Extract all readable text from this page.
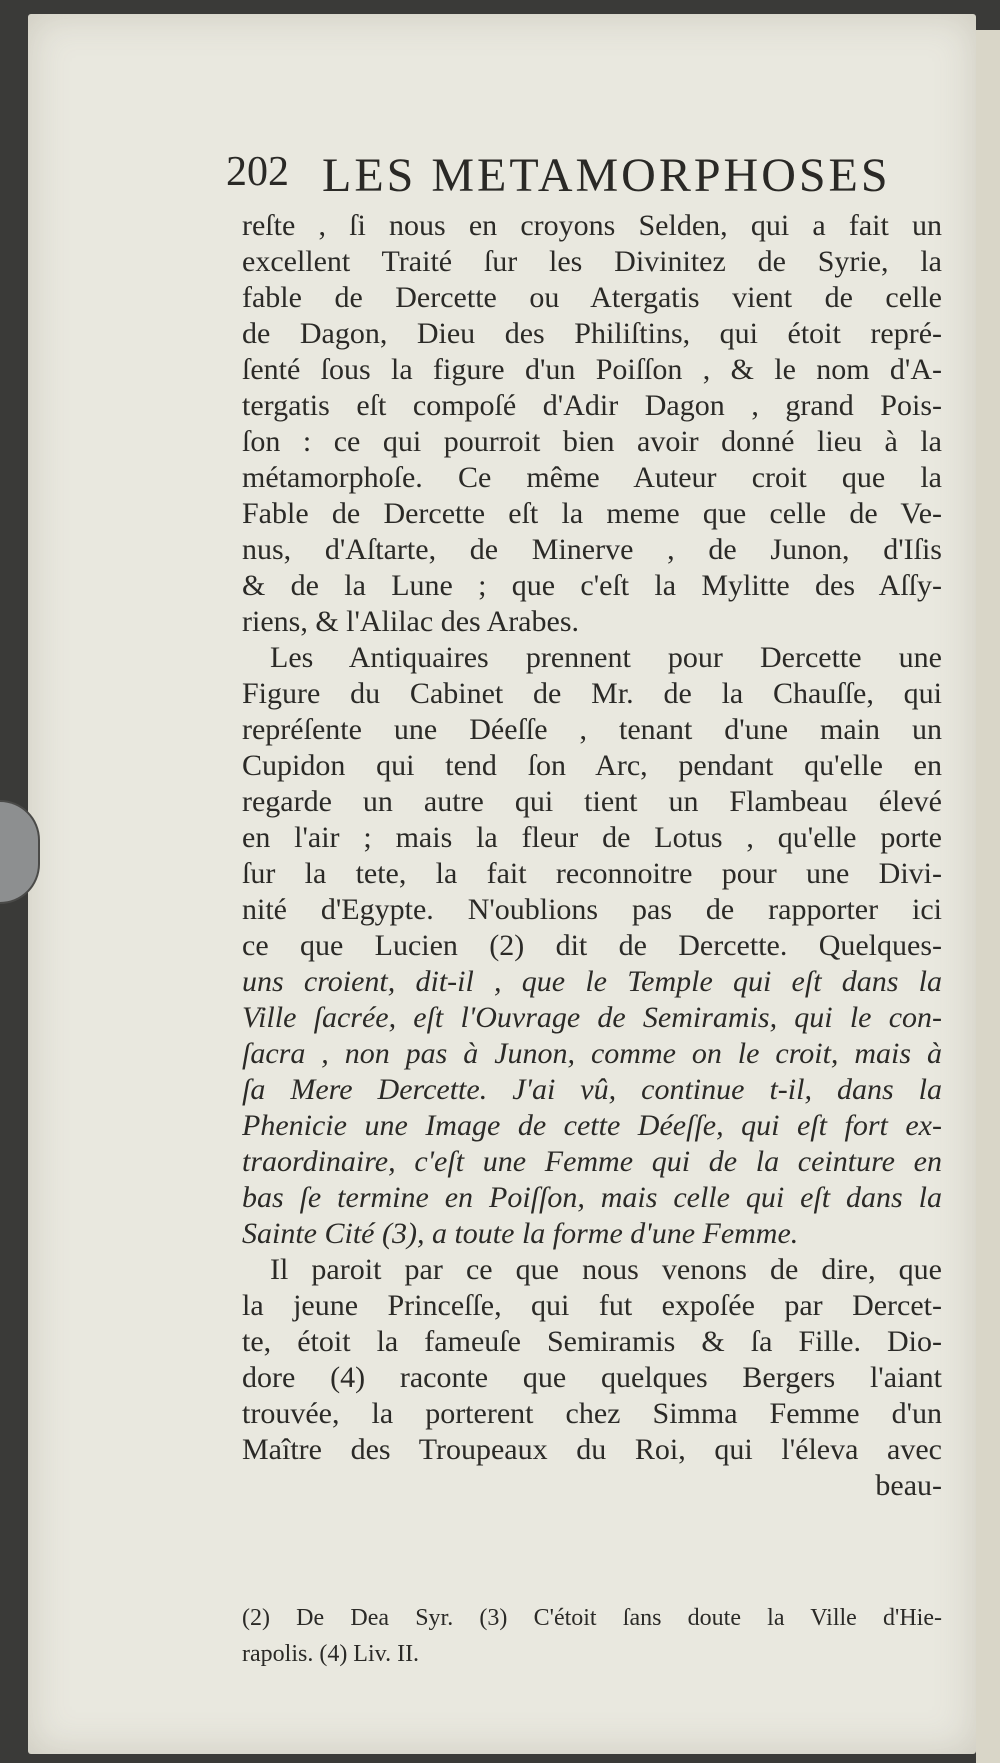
202 LES METAMORPHOSES
reſte , ſi nous en croyons Selden, qui a fait un
excellent Traité ſur les Divinitez de Syrie, la
fable de Dercette ou Atergatis vient de celle
de Dagon, Dieu des Philiſtins, qui étoit repré-
ſenté ſous la figure d'un Poiſſon , & le nom d'A-
tergatis eſt compoſé d'Adir Dagon , grand Pois-
ſon : ce qui pourroit bien avoir donné lieu à la
métamorphoſe. Ce même Auteur croit que la
Fable de Dercette eſt la meme que celle de Ve-
nus, d'Aſtarte, de Minerve , de Junon, d'Iſis
& de la Lune ; que c'eſt la Mylitte des Aſſy-
riens, & l'Alilac des Arabes.
Les Antiquaires prennent pour Dercette une
Figure du Cabinet de Mr. de la Chauſſe, qui
repréſente une Déeſſe , tenant d'une main un
Cupidon qui tend ſon Arc, pendant qu'elle en
regarde un autre qui tient un Flambeau élevé
en l'air ; mais la fleur de Lotus , qu'elle porte
ſur la tete, la fait reconnoitre pour une Divi-
nité d'Egypte. N'oublions pas de rapporter ici
ce que Lucien (2) dit de Dercette. Quelques-
uns croient, dit-il , que le Temple qui eſt dans la
Ville ſacrée, eſt l'Ouvrage de Semiramis, qui le con-
ſacra , non pas à Junon, comme on le croit, mais à
ſa Mere Dercette. J'ai vû, continue t-il, dans la
Phenicie une Image de cette Déeſſe, qui eſt fort ex-
traordinaire, c'eſt une Femme qui de la ceinture en
bas ſe termine en Poiſſon, mais celle qui eſt dans la
Sainte Cité (3), a toute la forme d'une Femme.
Il paroit par ce que nous venons de dire, que
la jeune Princeſſe, qui fut expoſée par Dercet-
te, étoit la fameuſe Semiramis & ſa Fille. Dio-
dore (4) raconte que quelques Bergers l'aiant
trouvée, la porterent chez Simma Femme d'un
Maître des Troupeaux du Roi, qui l'éleva avec
beau-
(2) De Dea Syr. (3) C'étoit ſans doute la Ville d'Hie-
rapolis. (4) Liv. II.
